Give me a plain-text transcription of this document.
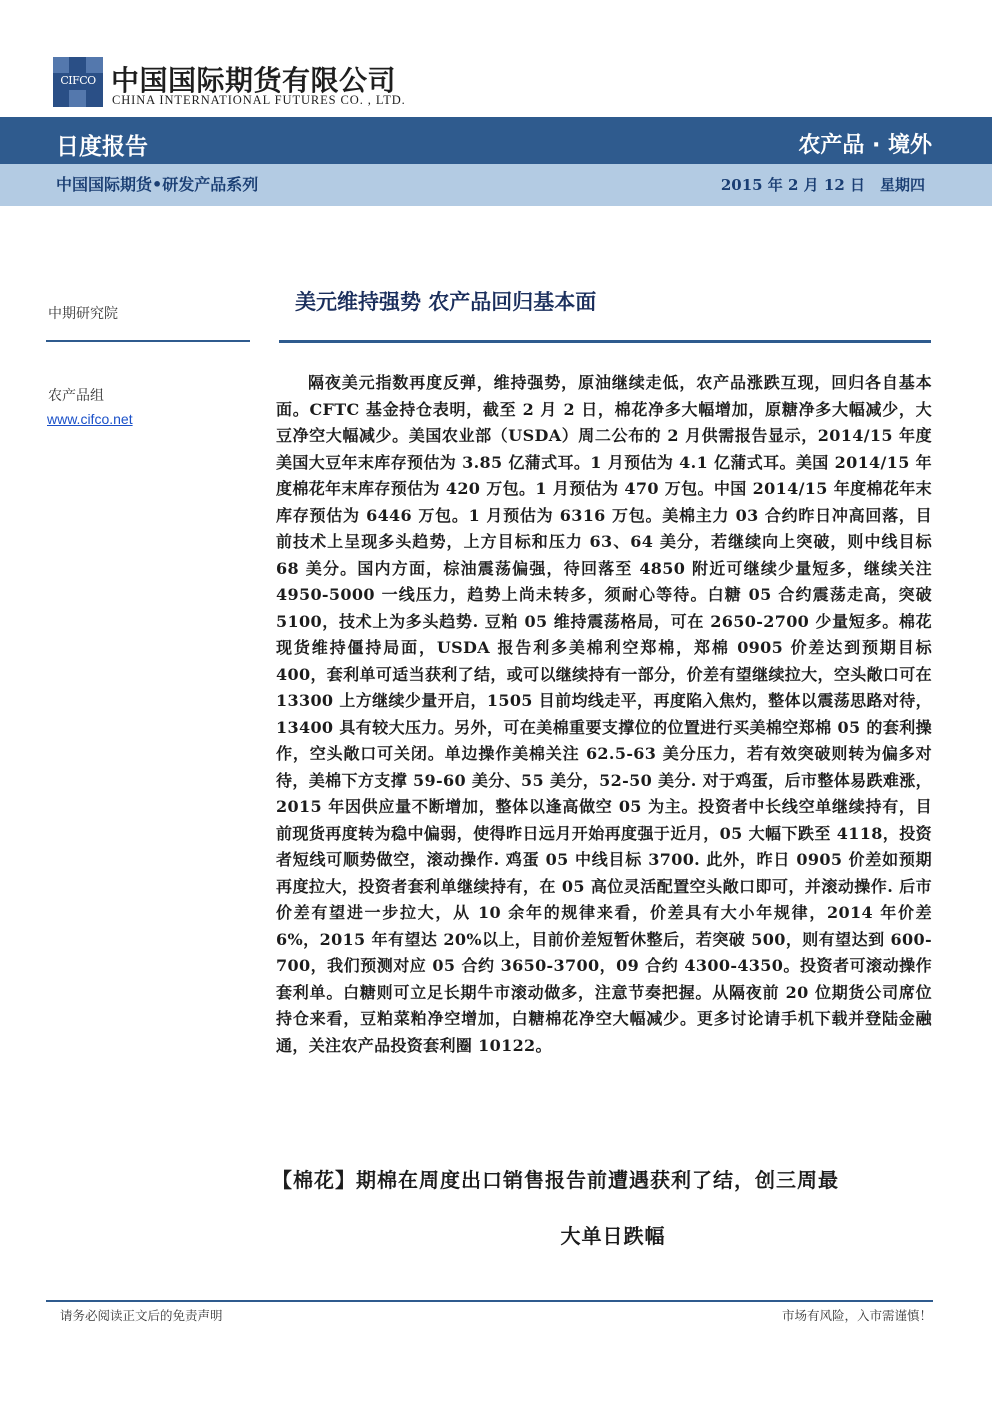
CIFCO 中国国际期货有限公司
CHINA INTERNATIONAL FUTURES CO. , LTD.
日度报告	农产品 · 境外
中国国际期货•研发产品系列	2015 年 2 月 12 日　星期四
中期研究院
农产品组
www.cifco.net
美元维持强势 农产品回归基本面

隔夜美元指数再度反弹，维持强势，原油继续走低，农产品涨跌互现，回归各自基本面。CFTC 基金持仓表明，截至 2 月 2 日，棉花净多大幅增加，原糖净多大幅减少，大豆净空大幅减少。美国农业部（USDA）周二公布的 2 月供需报告显示，2014/15 年度美国大豆年末库存预估为 3.85 亿蒲式耳。1 月预估为 4.1 亿蒲式耳。美国 2014/15 年度棉花年末库存预估为 420 万包。1 月预估为 470 万包。中国 2014/15 年度棉花年末库存预估为 6446 万包。1 月预估为 6316 万包。美棉主力 03 合约昨日冲高回落，目前技术上呈现多头趋势，上方目标和压力 63、64 美分，若继续向上突破，则中线目标 68 美分。国内方面，棕油震荡偏强，待回落至 4850 附近可继续少量短多，继续关注 4950-5000 一线压力，趋势上尚未转多，须耐心等待。白糖 05 合约震荡走高，突破 5100，技术上为多头趋势. 豆粕 05 维持震荡格局，可在 2650-2700 少量短多。棉花现货维持僵持局面，USDA 报告利多美棉利空郑棉，郑棉 0905 价差达到预期目标 400，套利单可适当获利了结，或可以继续持有一部分，价差有望继续拉大，空头敞口可在 13300 上方继续少量开启，1505 目前均线走平，再度陷入焦灼，整体以震荡思路对待，13400 具有较大压力。另外，可在美棉重要支撑位的位置进行买美棉空郑棉 05 的套利操作，空头敞口可关闭。单边操作美棉关注 62.5-63 美分压力，若有效突破则转为偏多对待，美棉下方支撑 59-60 美分、55 美分，52-50 美分. 对于鸡蛋，后市整体易跌难涨，2015 年因供应量不断增加，整体以逢高做空 05 为主。投资者中长线空单继续持有，目前现货再度转为稳中偏弱，使得昨日远月开始再度强于近月，05 大幅下跌至 4118，投资者短线可顺势做空，滚动操作. 鸡蛋 05 中线目标 3700. 此外，昨日 0905 价差如预期再度拉大，投资者套利单继续持有，在 05 高位灵活配置空头敞口即可，并滚动操作. 后市价差有望进一步拉大，从 10 余年的规律来看，价差具有大小年规律，2014 年价差 6%，2015 年有望达 20%以上，目前价差短暂休整后，若突破 500，则有望达到 600-700，我们预测对应 05 合约 3650-3700，09 合约 4300-4350。投资者可滚动操作套利单。白糖则可立足长期牛市滚动做多，注意节奏把握。从隔夜前 20 位期货公司席位持仓来看，豆粕菜粕净空增加，白糖棉花净空大幅减少。更多讨论请手机下载并登陆金融通，关注农产品投资套利圈 10122。

【棉花】期棉在周度出口销售报告前遭遇获利了结，创三周最
大单日跌幅

请务必阅读正文后的免责声明	市场有风险，入市需谨慎！
